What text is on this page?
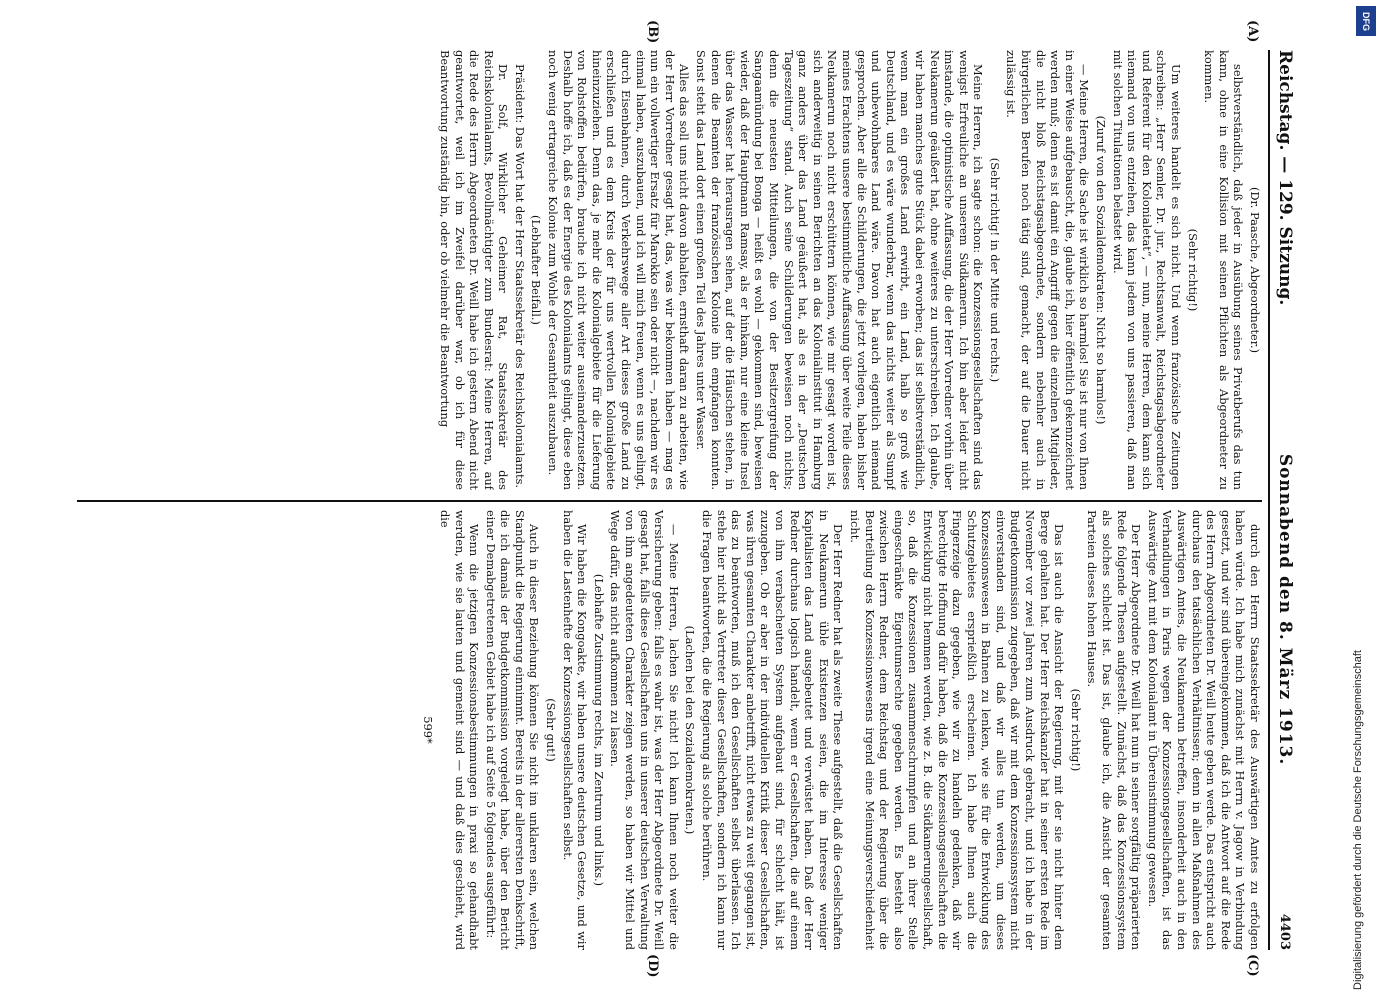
Reichstag. — 129. Sitzung.
Sonnabend den 8. März 1913.
4403

(Dr. Paasche, Abgeordneter.)

selbstverständlich, daß jeder in Ausübung seines Privatberufs das tun kann, ohne in eine Kollision mit seinen Pflichten als Abgeordneter zu kommen.

(Sehr richtig!)

Um weiteres handelt es sich nicht. Und wenn französische Zeitungen schreiben: „Herr Semler, Dr. jur., Rechtsanwalt, Reichstagsabgeordneter und Referent für den Kolonialetat“, — nun, meine Herren, dem kann sich niemand von uns entziehen, das kann jedem von uns passieren, daß man mit solchen Titulationen belastet wird.

(Zuruf von den Sozialdemokraten: Nicht so harmlos!)

— Meine Herren, die Sache ist wirklich so harmlos! Sie ist nur von Ihnen in einer Weise aufgebauscht, die, glaube ich, hier öffentlich gekennzeichnet werden muß; denn es ist damit ein Angriff gegen die einzelnen Mitglieder, die nicht bloß Reichstagsabgeordnete, sondern nebenher auch in bürgerlichen Berufen noch tätig sind, gemacht, der auf die Dauer nicht zulässig ist.

(Sehr richtig! in der Mitte und rechts.)

Meine Herren, ich sagte schon: die Konzessionsgesellschaften sind das wenigst Erfreuliche an unserem Südkamerun. Ich bin aber leider nicht imstande, die optimistische Auffassung, die der Herr Vorredner vorhin über Neukamerun geäußert hat, ohne weiteres zu unterschreiben. Ich glaube, wir haben manches gute Stück dabei erworben; das ist selbstverständlich, wenn man ein großes Land erwirbt, ein Land, halb so groß wie Deutschland, und es wäre wunderbar, wenn das nichts weiter als Sumpf und unbewohnbares Land wäre. Davon hat auch eigentlich niemand gesprochen. Aber alle die Schilderungen, die jetzt vorliegen, haben bisher meines Erachtens unsere bestimmtliche Auffassung über weite Teile dieses Neukamerun noch nicht erschüttern können, wie mir gesagt worden ist, sich anderweitig in seinen Berichten an das Kolonialinstitut in Hamburg ganz anders über das Land geäußert hat, als es in der „Deutschen Tageszeitung“ stand. Auch seine Schilderungen beweisen noch nichts; denn die neuesten Mitteilungen, die von der Besitzergreifung der Sangaamündung bei Bonga — heißt es wohl — gekommen sind, beweisen wieder, daß der Hauptmann Ramsay, als er hinkam, nur eine kleine Insel über das Wasser hat herausragen sehen, auf der die Häuschen stehen, in denen die Beamten der französischen Kolonie ihn empfangen konnten. Sonst steht das Land dort einen großen Teil des Jahres unter Wasser.

Alles das soll uns nicht davon abhalten, ernsthaft daran zu arbeiten, wie der Herr Vorredner gesagt hat, das, was wir bekommen haben — mag es nun ein vollwertiger Ersatz für Marokko sein oder nicht —, nachdem wir es einmal haben, auszubauen, und ich will mich freuen, wenn es uns gelingt, durch Eisenbahnen, durch Verkehrswege aller Art dieses große Land zu erschließen und es dem Kreis der für uns wertvollen Kolonialgebiete hineinzuziehen. Denn das, je mehr die Kolonialgebiete für die Lieferung von Rohstoffen bedürfen, brauche ich nicht weiter auseinanderzusetzen. Deshalb hoffe ich, daß es der Energie des Kolonialamts gelingt, diese eben noch wenig ertragreiche Kolonie zum Wohle der Gesamtheit auszubauen.

(Lebhafter Beifall.)

Präsident: Das Wort hat der Herr Staatssekretär des Reichskolonialamts.

Dr. Solf, Wirklicher Geheimer Rat, Staatssekretär des Reichskolonialamts, Bevollmächtigter zum Bundesrat: Meine Herren, auf die Rede des Herrn Abgeordneten Dr. Weill habe ich gestern Abend nicht geantwortet, weil ich im Zweifel darüber war, ob ich für diese Beantwortung zuständig bin, oder ob vielmehr die Beantwortung

durch den Herrn Staatssekretär des Auswärtigen Amtes zu erfolgen haben würde. Ich habe mich zunächst mit Herrn v. Jagow in Verbindung gesetzt, und wir sind übereingekommen, daß ich die Antwort auf die Rede des Herrn Abgeordneten Dr. Weill heute geben werde. Das entspricht auch durchaus den tatsächlichen Verhältnissen; denn in allen Maßnahmen des Auswärtigen Amtes, die Neukamerun betreffen, insonderheit auch in den Verhandlungen in Paris wegen der Konzessionsgesellschaften, ist das Auswärtige Amt mit dem Kolonialamt in Übereinstimmung gewesen.

Der Herr Abgeordnete Dr. Weill hat nun in seiner sorgfältig präparierten Rede folgende Thesen aufgestellt. Zunächst, daß das Konzessionssystem als solches schlecht ist. Das ist, glaube ich, die Ansicht der gesamten Parteien dieses hohen Hauses.

(Sehr richtig!)

Das ist auch die Ansicht der Regierung, mit der sie nicht hinter dem Berge gehalten hat. Der Herr Reichskanzler hat in seiner ersten Rede im November vor zwei Jahren zum Ausdruck gebracht, und ich habe in der Budgetkommission zugegeben, daß wir mit dem Konzessionssystem nicht einverstanden sind, und daß wir alles tun werden, um dieses Konzessionswesen in Bahnen zu lenken, wie sie für die Entwicklung des Schutzgebietes ersprießlich erscheinen. Ich habe Ihnen auch die Fingerzeige dazu gegeben, wie wir zu handeln gedenken, daß wir berechtigte Hoffnung dafür haben, daß die Konzessionsgesellschaften die Entwicklung nicht hemmen werden, wie z. B. die Südkamerungesellschaft, so, daß die Konzessionen zusammenschrumpfen und an ihrer Stelle eingeschränkte Eigentumsrechte gegeben werden. Es besteht also zwischen Herrn Redner, dem Reichstag und der Regierung über die Beurteilung des Konzessionswesens irgend eine Meinungsverschiedenheit nicht.

Der Herr Redner hat als zweite These aufgestellt, daß die Gesellschaften in Neukamerun üble Existenzen seien, die im Interesse weniger Kapitalisten das Land ausgebeutet und verwüstet haben. Daß der Herr Redner durchaus logisch handelt, wenn er Gesellschaften, die auf einem von ihm verabscheuten System aufgebaut sind, für schlecht hält, ist zuzugeben. Ob er aber in der individuellen Kritik dieser Gesellschaften, was ihren gesamten Charakter anbetrifft, nicht etwas zu weit gegangen ist, das zu beantworten, muß ich den Gesellschaften selbst überlassen. Ich stehe hier nicht als Vertreter dieser Gesellschaften, sondern ich kann nur die Fragen beantworten, die die Regierung als solche berühren.

(Lachen bei den Sozialdemokraten.)

— Meine Herren, lachen Sie nicht! Ich kann Ihnen noch weiter die Versicherung geben: falls es wahr ist, was der Herr Abgeordnete Dr. Weill gesagt hat, falls diese Gesellschaften uns in unserer deutschen Verwaltung von ihm angedeuteten Charakter zeigen werden, so haben wir Mittel und Wege dafür, das nicht aufkommen zu lassen.

(Lebhafte Zustimmung rechts, im Zentrum und links.)

Wir haben die Kongoakte, wir haben unsere deutschen Gesetze, und wir haben die Lastenhefte der Konzessionsgesellschaften selbst.

(Sehr gut!)

Auch in dieser Beziehung können Sie nicht im unklaren sein, welchen Standpunkt die Regierung einnimmt. Bereits in der allerersten Denkschrift, die ich damals der Budgetkommission vorgelegt habe, über den Bericht einer Demabgetretenen Gebiet habe ich auf Seite 5 folgendes ausgeführt:

Wenn die jetzigen Konzessionsbestimmungen in praxi so gehandhabt werden, wie sie lauten und gemeint sind — und daß dies geschieht, wird die

599*

(A)
(B)
(C)
(D)
DFG
Digitalisierung gefördert durch die Deutsche Forschungsgemeinschaft
